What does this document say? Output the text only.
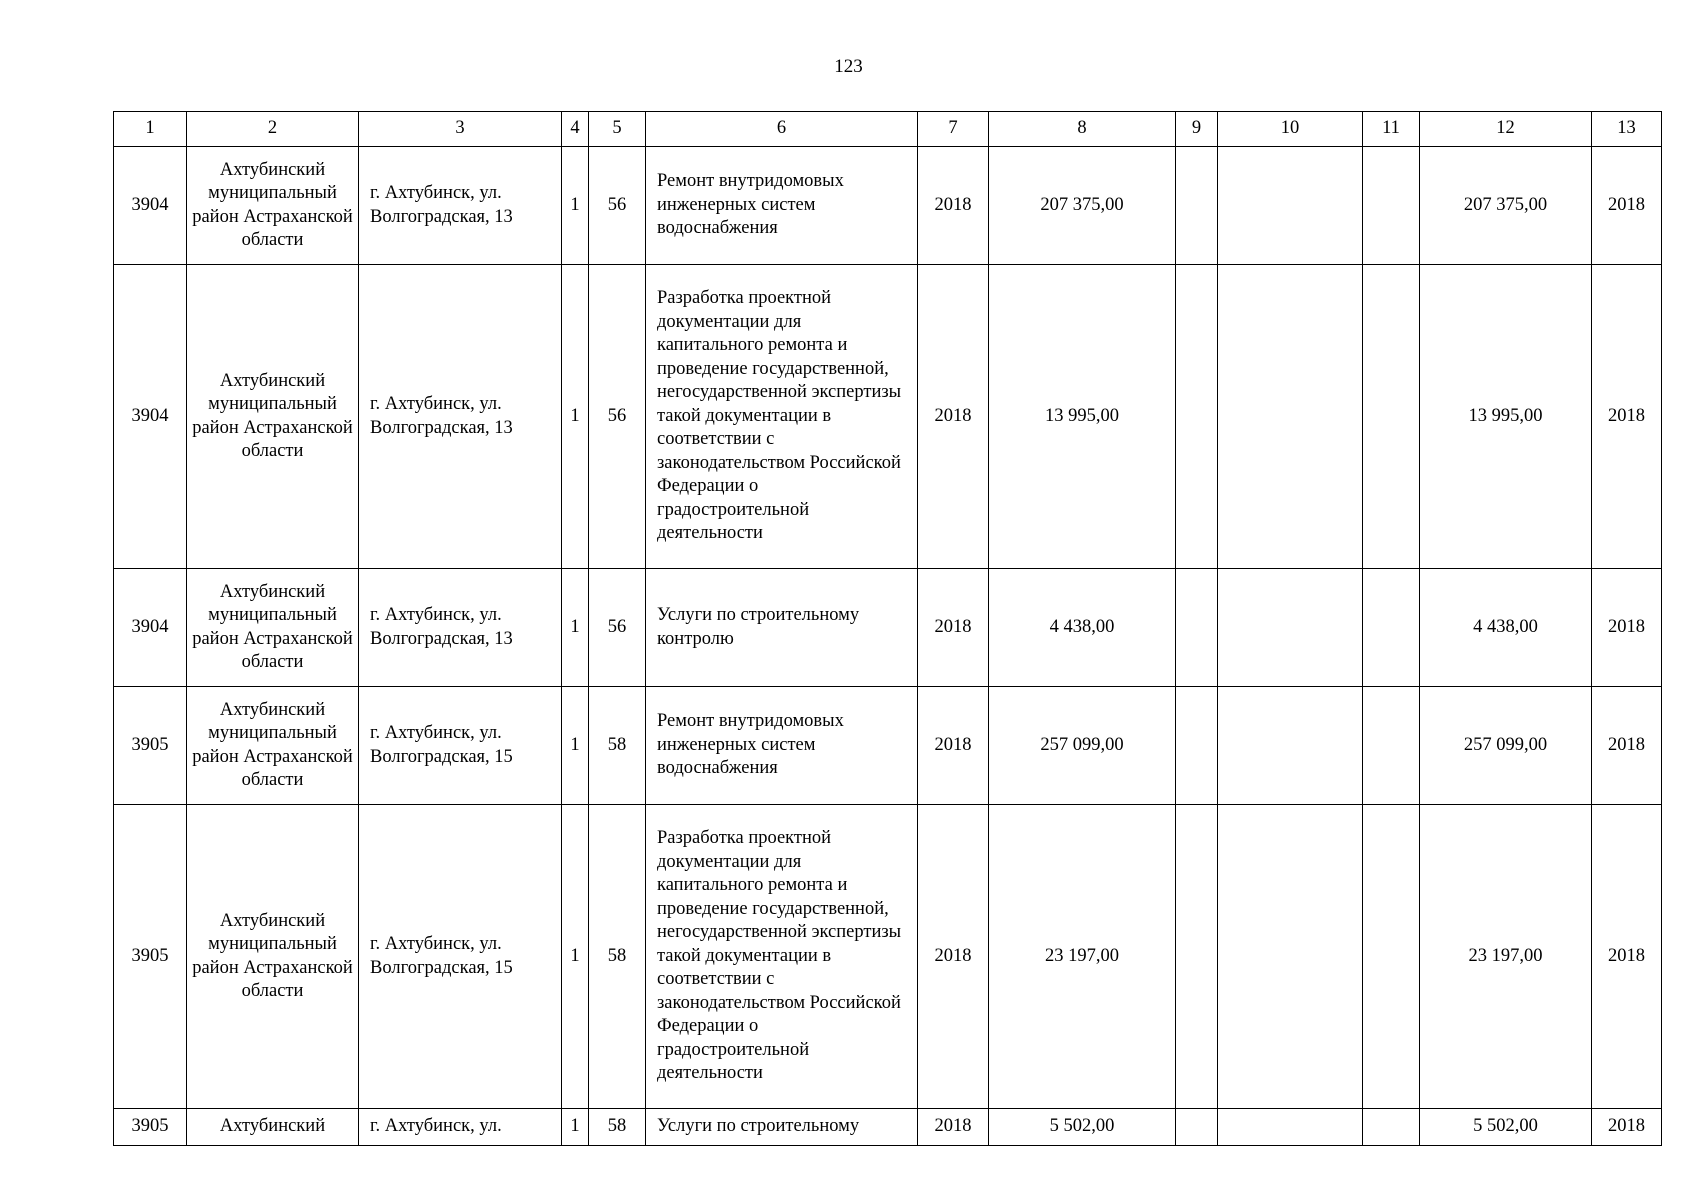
123
1	2	3	4	5	6	7	8	9	10	11	12	13
3904	Ахтубинский муниципальный район Астраханской области	г. Ахтубинск, ул. Волгоградская, 13	1	56	Ремонт внутридомовых инженерных систем водоснабжения	2018	207 375,00				207 375,00	2018
3904	Ахтубинский муниципальный район Астраханской области	г. Ахтубинск, ул. Волгоградская, 13	1	56	Разработка проектной документации для капитального ремонта и проведение государственной, негосударственной экспертизы такой документации в соответствии с законодательством Российской Федерации о градостроительной деятельности	2018	13 995,00				13 995,00	2018
3904	Ахтубинский муниципальный район Астраханской области	г. Ахтубинск, ул. Волгоградская, 13	1	56	Услуги по строительному контролю	2018	4 438,00				4 438,00	2018
3905	Ахтубинский муниципальный район Астраханской области	г. Ахтубинск, ул. Волгоградская, 15	1	58	Ремонт внутридомовых инженерных систем водоснабжения	2018	257 099,00				257 099,00	2018
3905	Ахтубинский муниципальный район Астраханской области	г. Ахтубинск, ул. Волгоградская, 15	1	58	Разработка проектной документации для капитального ремонта и проведение государственной, негосударственной экспертизы такой документации в соответствии с законодательством Российской Федерации о градостроительной деятельности	2018	23 197,00				23 197,00	2018
3905	Ахтубинский	г. Ахтубинск, ул.	1	58	Услуги по строительному	2018	5 502,00				5 502,00	2018
